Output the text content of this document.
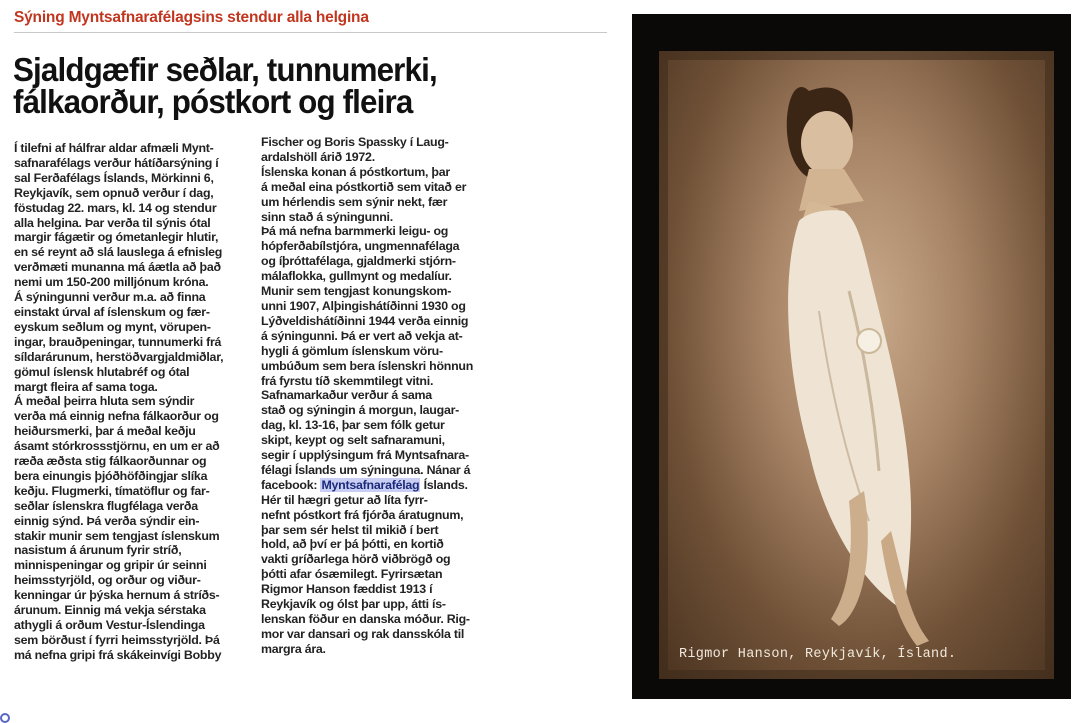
Sýning Myntsafnarafélagsins stendur alla helgina
Sjaldgæfir seðlar, tunnumerki,
fálkaorður, póstkort og fleira
Í tilefni af hálfrar aldar afmæli Mynt-
safnarafélags verður hátíðarsýning í
sal Ferðafélags Íslands, Mörkinni 6,
Reykjavík, sem opnuð verður í dag,
föstudag 22. mars, kl. 14 og stendur
alla helgina. Þar verða til sýnis ótal
margir fágætir og ómetanlegir hlutir,
en sé reynt að slá lauslega á efnisleg
verðmæti munanna má áætla að það
nemi um 150-200 milljónum króna.
Á sýningunni verður m.a. að finna
einstakt úrval af íslenskum og fær-
eyskum seðlum og mynt, vörupen-
ingar, brauðpeningar, tunnumerki frá
síldarárunum, herstöðvargjaldmiðlar,
gömul íslensk hlutabréf og ótal
margt fleira af sama toga.
Á meðal þeirra hluta sem sýndir
verða má einnig nefna fálkaorður og
heiðursmerki, þar á meðal keðju
ásamt stórkrossstjörnu, en um er að
ræða æðsta stig fálkaorðunnar og
bera einungis þjóðhöfðingjar slíka
keðju. Flugmerki, tímatöflur og far-
seðlar íslenskra flugfélaga verða
einnig sýnd. Þá verða sýndir ein-
stakir munir sem tengjast íslenskum
nasistum á árunum fyrir stríð,
minnispeningar og gripir úr seinni
heimsstyrjöld, og orður og viður-
kenningar úr þýska hernum á stríðs-
árunum. Einnig má vekja sérstaka
athygli á orðum Vestur-Íslendinga
sem börðust í fyrri heimsstyrjöld. Þá
má nefna gripi frá skákeinvígi Bobby
Fischer og Boris Spassky í Laug-
ardalshöll árið 1972.
Íslenska konan á póstkortum, þar
á meðal eina póstkortið sem vitað er
um hérlendis sem sýnir nekt, fær
sinn stað á sýningunni.
Þá má nefna barmmerki leigu- og
hópferðabílstjóra, ungmennafélaga
og íþróttafélaga, gjaldmerki stjórn-
málaflokka, gullmynt og medalíur.
Munir sem tengjast konungskom-
unni 1907, Alþingishátíðinni 1930 og
Lýðveldishátíðinni 1944 verða einnig
á sýningunni. Þá er vert að vekja at-
hygli á gömlum íslenskum vöru-
umbúðum sem bera íslenskri hönnun
frá fyrstu tíð skemmtilegt vitni.
Safnamarkaður verður á sama
stað og sýningin á morgun, laugar-
dag, kl. 13-16, þar sem fólk getur
skipt, keypt og selt safnaramuni,
segir í upplýsingum frá Myntsafnara-
félagi Íslands um sýninguna. Nánar á
facebook: Myntsafnarafélag Íslands.
Hér til hægri getur að líta fyrr-
nefnt póstkort frá fjórða áratugnum,
þar sem sér helst til mikið í bert
hold, að því er þá þótti, en kortið
vakti gríðarlega hörð viðbrögð og
þótti afar ósæmilegt. Fyrirsætan
Rigmor Hanson fæddist 1913 í
Reykjavík og ólst þar upp, átti ís-
lenskan föður en danska móður. Rig-
mor var dansari og rak dansskóla til
margra ára.	Rigmor Hanson, Reykjavík, Ísland.
